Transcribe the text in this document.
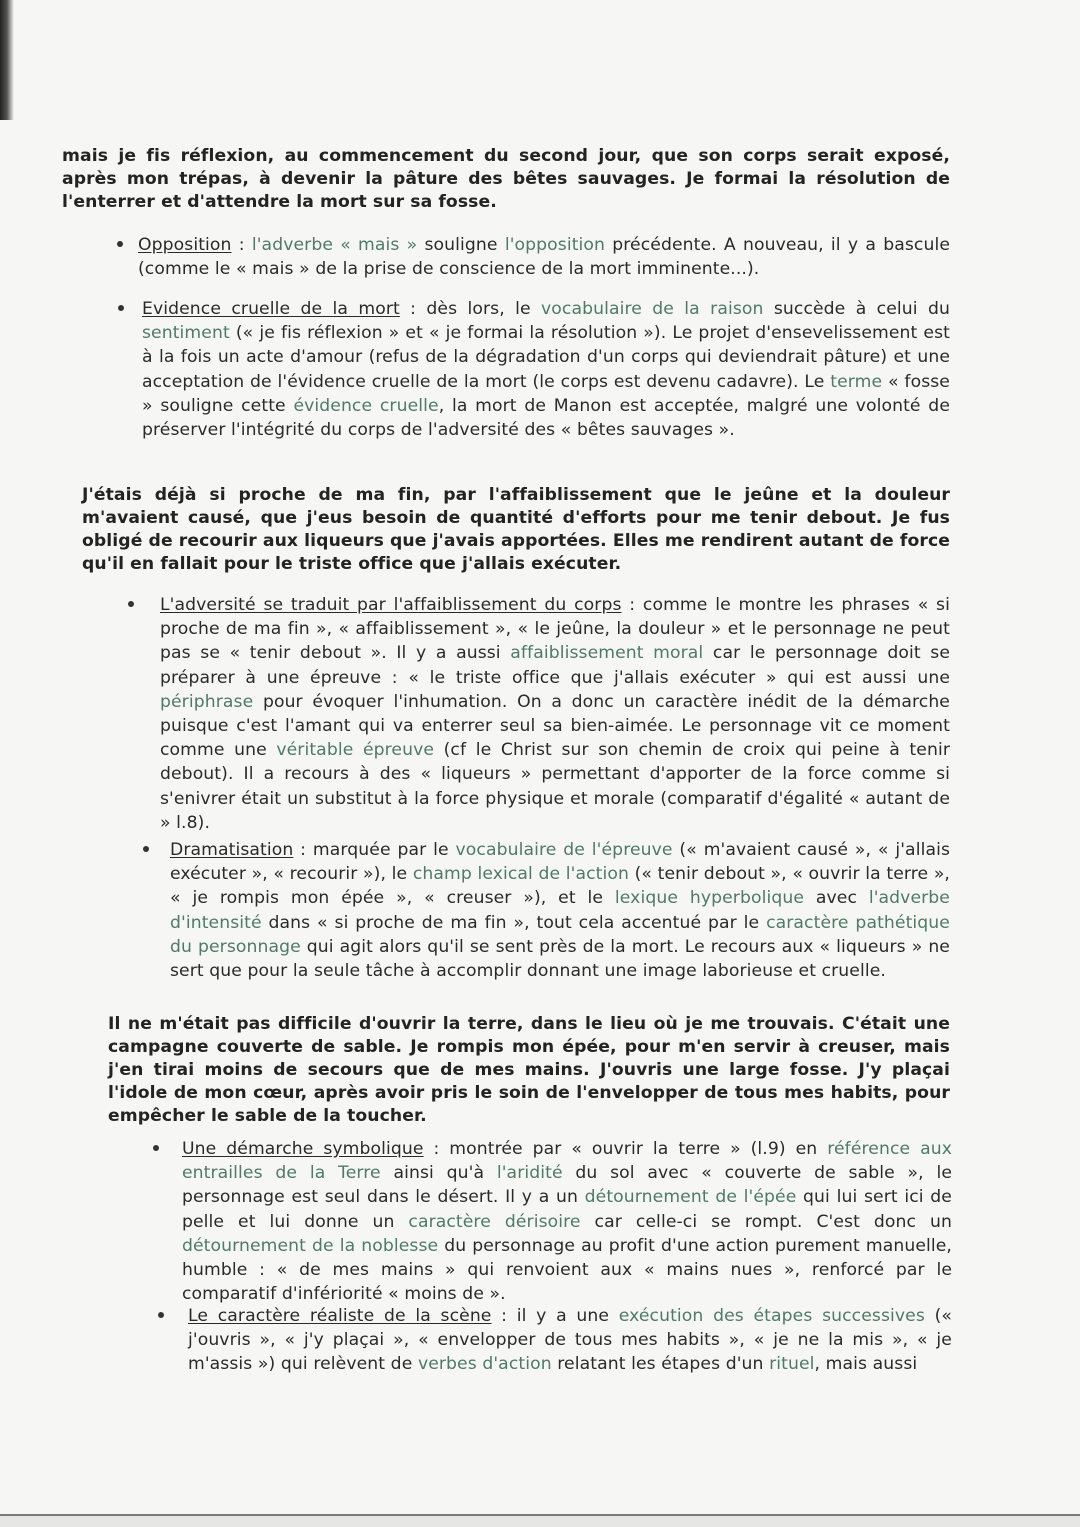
mais je fis réflexion, au commencement du second jour, que son corps serait exposé, après mon trépas, à devenir la pâture des bêtes sauvages. Je formai la résolution de l'enterrer et d'attendre la mort sur sa fosse.
Opposition : l'adverbe « mais » souligne l'opposition précédente. A nouveau, il y a bascule (comme le « mais » de la prise de conscience de la mort imminente...).
Evidence cruelle de la mort : dès lors, le vocabulaire de la raison succède à celui du sentiment (« je fis réflexion » et « je formai la résolution »). Le projet d'ensevelissement est à la fois un acte d'amour (refus de la dégradation d'un corps qui deviendrait pâture) et une acceptation de l'évidence cruelle de la mort (le corps est devenu cadavre). Le terme « fosse » souligne cette évidence cruelle, la mort de Manon est acceptée, malgré une volonté de préserver l'intégrité du corps de l'adversité des « bêtes sauvages ».
J'étais déjà si proche de ma fin, par l'affaiblissement que le jeûne et la douleur m'avaient causé, que j'eus besoin de quantité d'efforts pour me tenir debout. Je fus obligé de recourir aux liqueurs que j'avais apportées. Elles me rendirent autant de force qu'il en fallait pour le triste office que j'allais exécuter.
L'adversité se traduit par l'affaiblissement du corps : comme le montre les phrases « si proche de ma fin », « affaiblissement », « le jeûne, la douleur » et le personnage ne peut pas se « tenir debout ». Il y a aussi affaiblissement moral car le personnage doit se préparer à une épreuve : « le triste office que j'allais exécuter » qui est aussi une périphrase pour évoquer l'inhumation. On a donc un caractère inédit de la démarche puisque c'est l'amant qui va enterrer seul sa bien-aimée. Le personnage vit ce moment comme une véritable épreuve (cf le Christ sur son chemin de croix qui peine à tenir debout). Il a recours à des « liqueurs » permettant d'apporter de la force comme si s'enivrer était un substitut à la force physique et morale (comparatif d'égalité « autant de » l.8).
Dramatisation : marquée par le vocabulaire de l'épreuve (« m'avaient causé », « j'allais exécuter », « recourir »), le champ lexical de l'action (« tenir debout », « ouvrir la terre », « je rompis mon épée », « creuser »), et le lexique hyperbolique avec l'adverbe d'intensité dans « si proche de ma fin », tout cela accentué par le caractère pathétique du personnage qui agit alors qu'il se sent près de la mort. Le recours aux « liqueurs » ne sert que pour la seule tâche à accomplir donnant une image laborieuse et cruelle.
Il ne m'était pas difficile d'ouvrir la terre, dans le lieu où je me trouvais. C'était une campagne couverte de sable. Je rompis mon épée, pour m'en servir à creuser, mais j'en tirai moins de secours que de mes mains. J'ouvris une large fosse. J'y plaçai l'idole de mon cœur, après avoir pris le soin de l'envelopper de tous mes habits, pour empêcher le sable de la toucher.
Une démarche symbolique : montrée par « ouvrir la terre » (l.9) en référence aux entrailles de la Terre ainsi qu'à l'aridité du sol avec « couverte de sable », le personnage est seul dans le désert. Il y a un détournement de l'épée qui lui sert ici de pelle et lui donne un caractère dérisoire car celle-ci se rompt. C'est donc un détournement de la noblesse du personnage au profit d'une action purement manuelle, humble : « de mes mains » qui renvoient aux « mains nues », renforcé par le comparatif d'infériorité « moins de ».
Le caractère réaliste de la scène : il y a une exécution des étapes successives (« j'ouvris », « j'y plaçai », « envelopper de tous mes habits », « je ne la mis », « je m'assis ») qui relèvent de verbes d'action relatant les étapes d'un rituel, mais aussi
